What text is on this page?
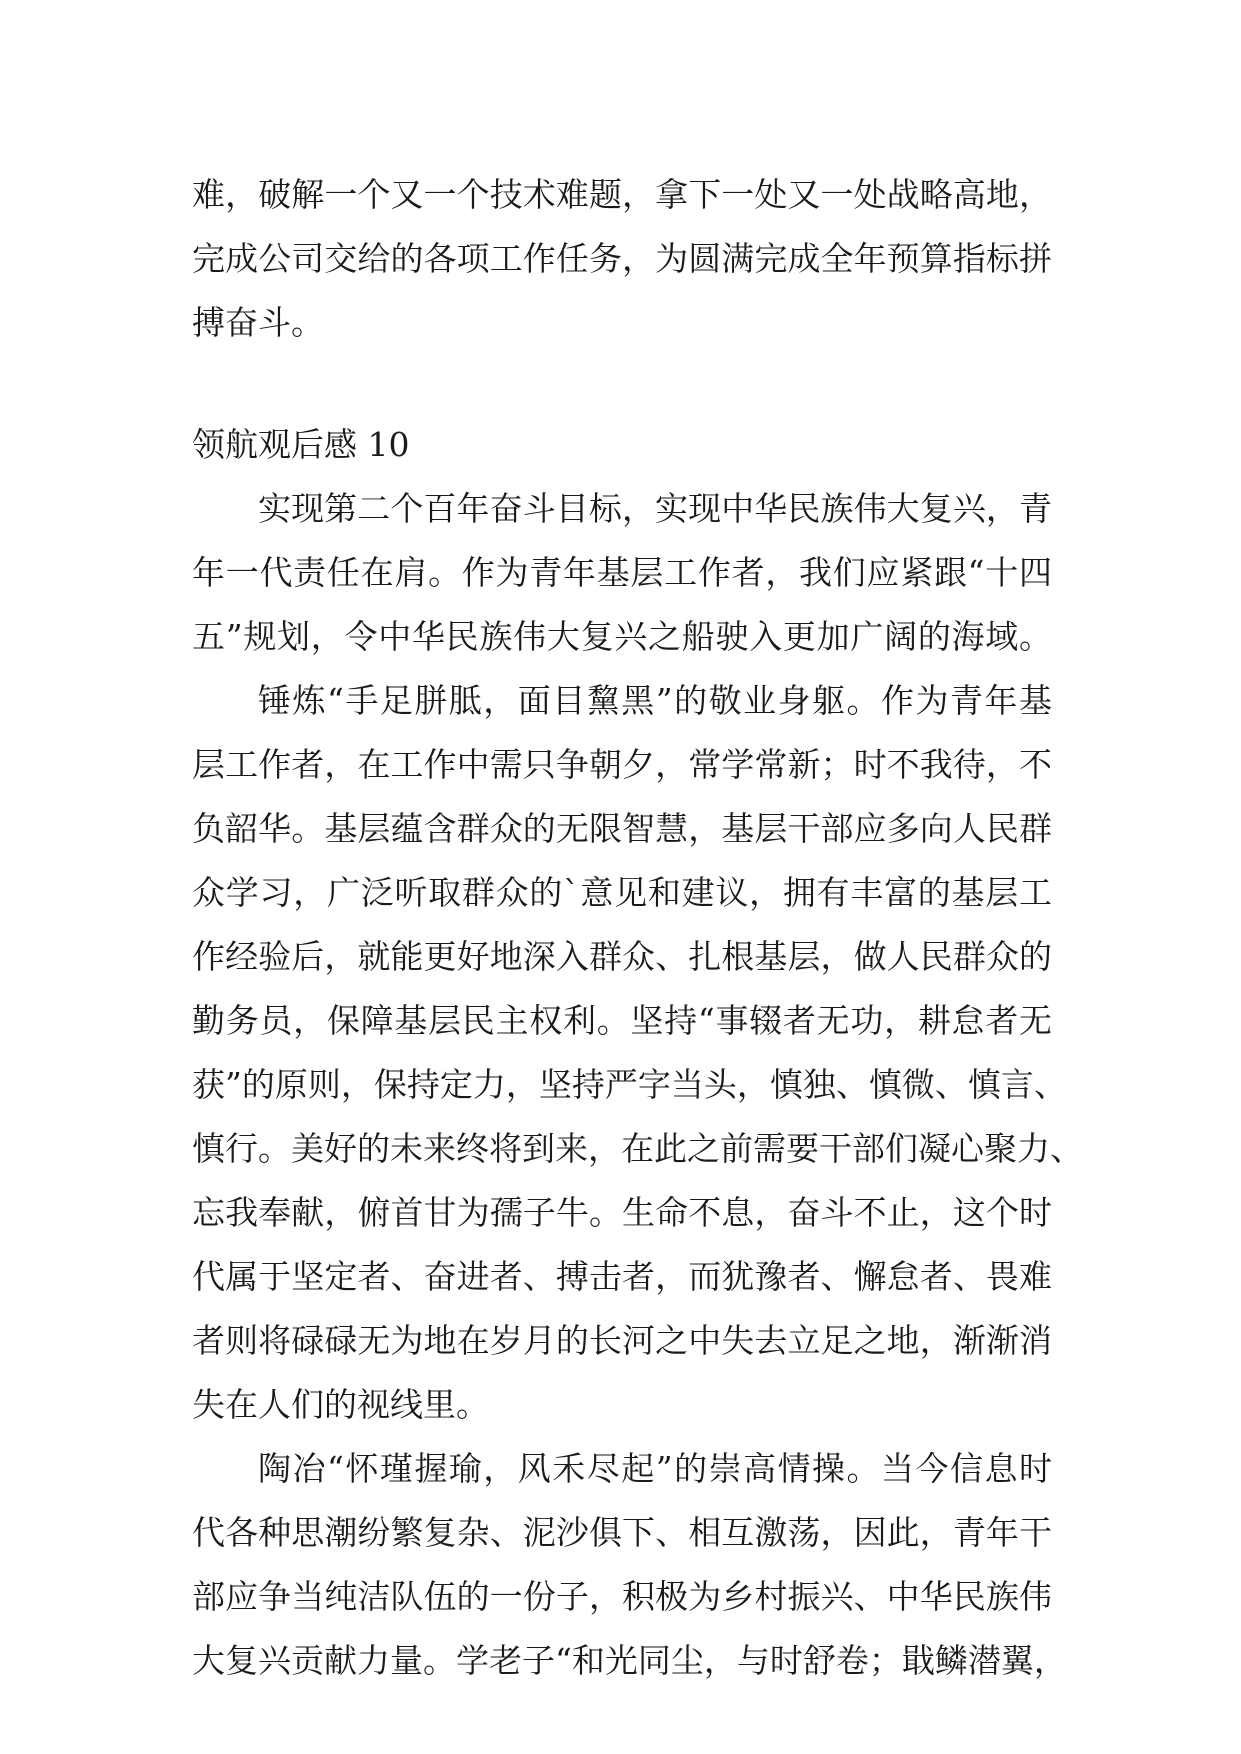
难，破解一个又一个技术难题，拿下一处又一处战略高地，
完成公司交给的各项工作任务，为圆满完成全年预算指标拼
搏奋斗。
领航观后感 10
实现第二个百年奋斗目标，实现中华民族伟大复兴，青
年一代责任在肩。作为青年基层工作者，我们应紧跟“十四
五”规划，令中华民族伟大复兴之船驶入更加广阔的海域。
锤炼“手足胼胝，面目黧黑”的敬业身躯。作为青年基
层工作者，在工作中需只争朝夕，常学常新；时不我待，不
负韶华。基层蕴含群众的无限智慧，基层干部应多向人民群
众学习，广泛听取群众的`意见和建议，拥有丰富的基层工
作经验后，就能更好地深入群众、扎根基层，做人民群众的
勤务员，保障基层民主权利。坚持“事辍者无功，耕怠者无
获”的原则，保持定力，坚持严字当头，慎独、慎微、慎言、
慎行。美好的未来终将到来，在此之前需要干部们凝心聚力、
忘我奉献，俯首甘为孺子牛。生命不息，奋斗不止，这个时
代属于坚定者、奋进者、搏击者，而犹豫者、懈怠者、畏难
者则将碌碌无为地在岁月的长河之中失去立足之地，渐渐消
失在人们的视线里。
陶冶“怀瑾握瑜，风禾尽起”的崇高情操。当今信息时
代各种思潮纷繁复杂、泥沙俱下、相互激荡，因此，青年干
部应争当纯洁队伍的一份子，积极为乡村振兴、中华民族伟
大复兴贡献力量。学老子“和光同尘，与时舒卷；戢鳞潜翼，
